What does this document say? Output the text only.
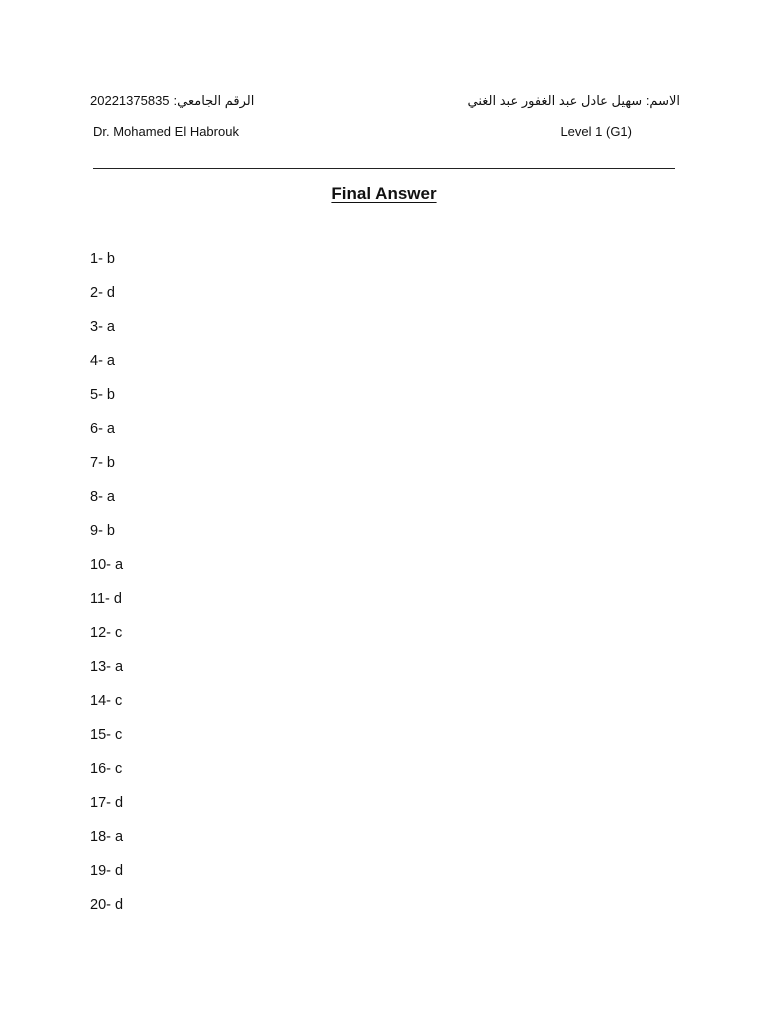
20221375835 الرقم الجامعي:	الاسم: سهيل عادل عبد الغفور عبد الغني
Dr. Mohamed El Habrouk	Level 1 (G1)
Final Answer
1- b
2- d
3- a
4- a
5- b
6- a
7- b
8- a
9- b
10- a
11- d
12- c
13- a
14- c
15- c
16- c
17- d
18- a
19- d
20- d
